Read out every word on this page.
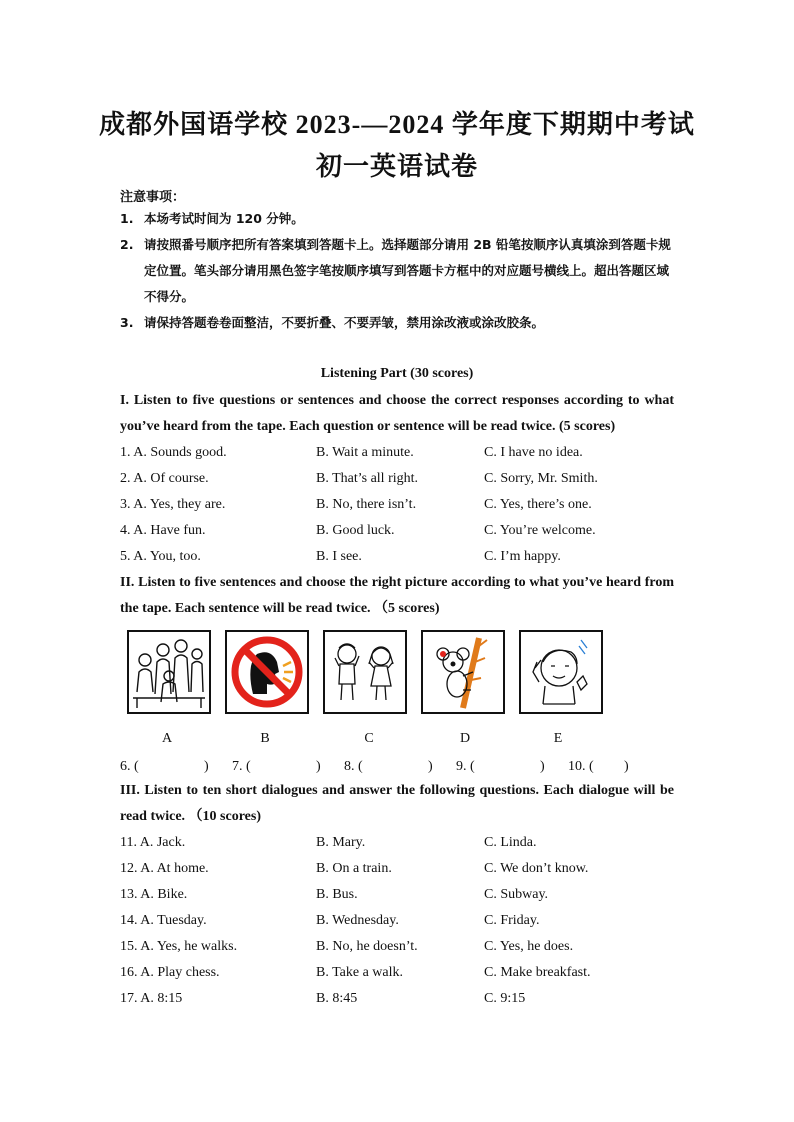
成都外国语学校 2023-—2024 学年度下期期中考试
初一英语试卷
注意事项：
1. 本场考试时间为 120 分钟。
2. 请按照番号顺序把所有答案填到答题卡上。选择题部分请用 2B 铅笔按顺序认真填涂到答题卡规定位置。笔头部分请用黑色签字笔按顺序填写到答题卡方框中的对应题号横线上。超出答题区域不得分。
3. 请保持答题卷卷面整洁，不要折叠、不要弄皱，禁用涂改液或涂改胶条。
Listening Part (30 scores)
I. Listen to five questions or sentences and choose the correct responses according to what you’ve heard from the tape. Each question or sentence will be read twice. (5 scores)
1. A. Sounds good.	B. Wait a minute.	C. I have no idea.
2. A. Of course.	B. That’s all right.	C. Sorry, Mr. Smith.
3. A. Yes, they are.	B. No, there isn’t.	C. Yes, there’s one.
4. A. Have fun.	B. Good luck.	C. You’re welcome.
5. A. You, too.	B. I see.	C. I’m happy.
II. Listen to five sentences and choose the right picture according to what you’ve heard from the tape. Each sentence will be read twice. （5 scores)
A	B	C	D	E
6. (	) 7. (	) 8. (	) 9. (	) 10. ( )
III. Listen to ten short dialogues and answer the following questions. Each dialogue will be read twice. （10 scores)
11. A. Jack.	B. Mary.	C. Linda.
12. A. At home.	B. On a train.	C. We don’t know.
13. A. Bike.	B. Bus.	C. Subway.
14. A. Tuesday.	B. Wednesday.	C. Friday.
15. A. Yes, he walks.	B. No, he doesn’t.	C. Yes, he does.
16. A. Play chess.	B. Take a walk.	C. Make breakfast.
17. A. 8:15	B. 8:45	C. 9:15
